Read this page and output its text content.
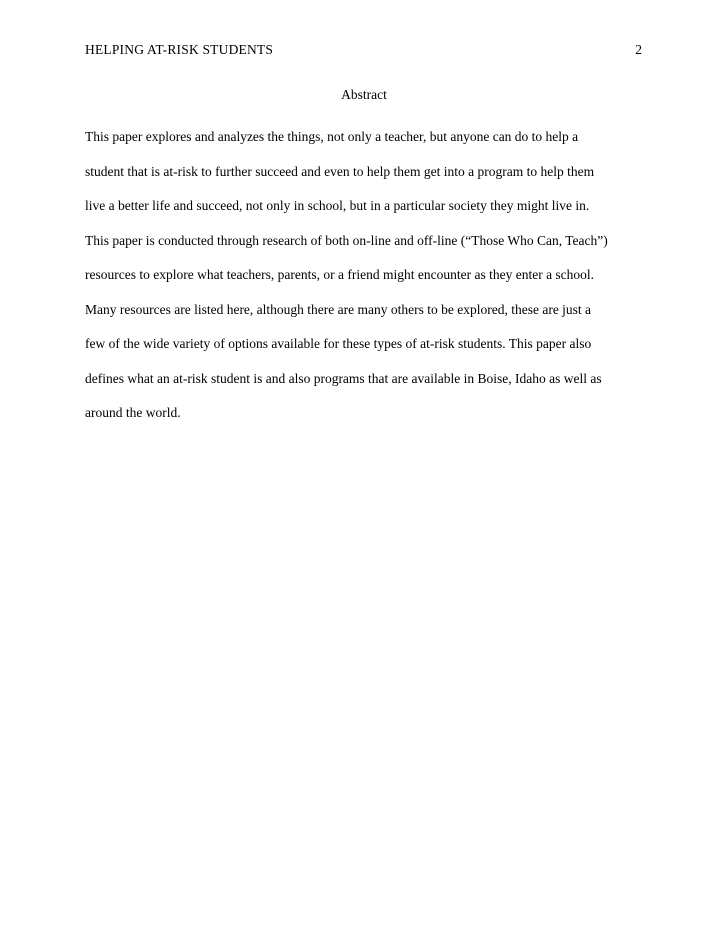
HELPING AT-RISK STUDENTS	2
Abstract
This paper explores and analyzes the things, not only a teacher, but anyone can do to help a
student that is at-risk to further succeed and even to help them get into a program to help them
live a better life and succeed, not only in school, but in a particular society they might live in.
This paper is conducted through research of both on-line and off-line (“Those Who Can, Teach”)
resources to explore what teachers, parents, or a friend might encounter as they enter a school.
Many resources are listed here, although there are many others to be explored, these are just a
few of the wide variety of options available for these types of at-risk students. This paper also
defines what an at-risk student is and also programs that are available in Boise, Idaho as well as
around the world.
